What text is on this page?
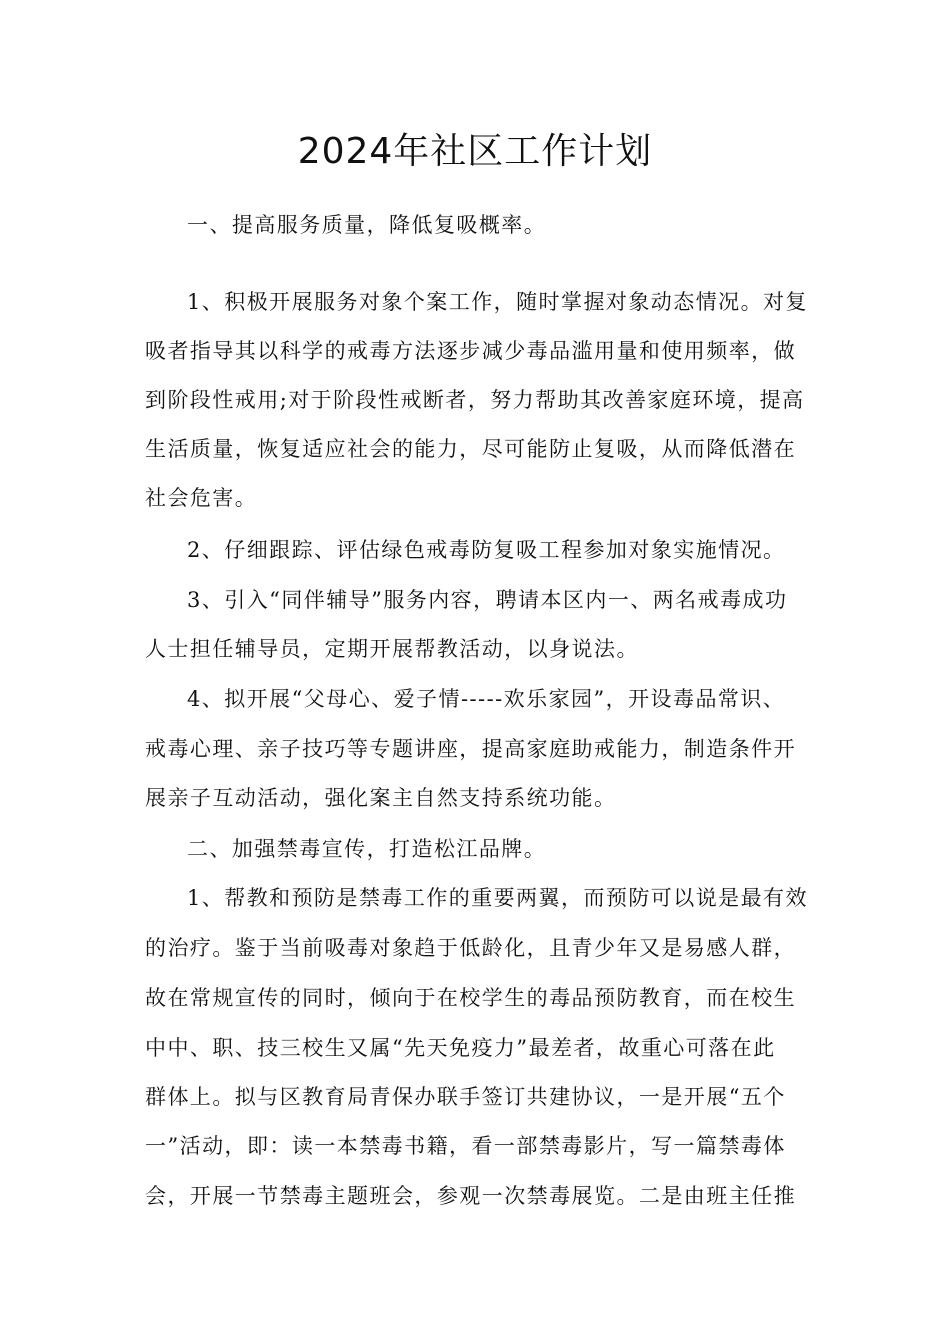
2024年社区工作计划
一、提高服务质量，降低复吸概率。
1、积极开展服务对象个案工作，随时掌握对象动态情况。对复
吸者指导其以科学的戒毒方法逐步减少毒品滥用量和使用频率，做
到阶段性戒用;对于阶段性戒断者，努力帮助其改善家庭环境，提高
生活质量，恢复适应社会的能力，尽可能防止复吸，从而降低潜在
社会危害。
2、仔细跟踪、评估绿色戒毒防复吸工程参加对象实施情况。
3、引入“同伴辅导”服务内容，聘请本区内一、两名戒毒成功
人士担任辅导员，定期开展帮教活动，以身说法。
4、拟开展“父母心、爱子情-----欢乐家园”，开设毒品常识、
戒毒心理、亲子技巧等专题讲座，提高家庭助戒能力，制造条件开
展亲子互动活动，强化案主自然支持系统功能。
二、加强禁毒宣传，打造松江品牌。
1、帮教和预防是禁毒工作的重要两翼，而预防可以说是最有效
的治疗。鉴于当前吸毒对象趋于低龄化，且青少年又是易感人群，
故在常规宣传的同时，倾向于在校学生的毒品预防教育，而在校生
中中、职、技三校生又属“先天免疫力”最差者，故重心可落在此
群体上。拟与区教育局青保办联手签订共建协议，一是开展“五个
一”活动，即：读一本禁毒书籍，看一部禁毒影片，写一篇禁毒体
会，开展一节禁毒主题班会，参观一次禁毒展览。二是由班主任推
